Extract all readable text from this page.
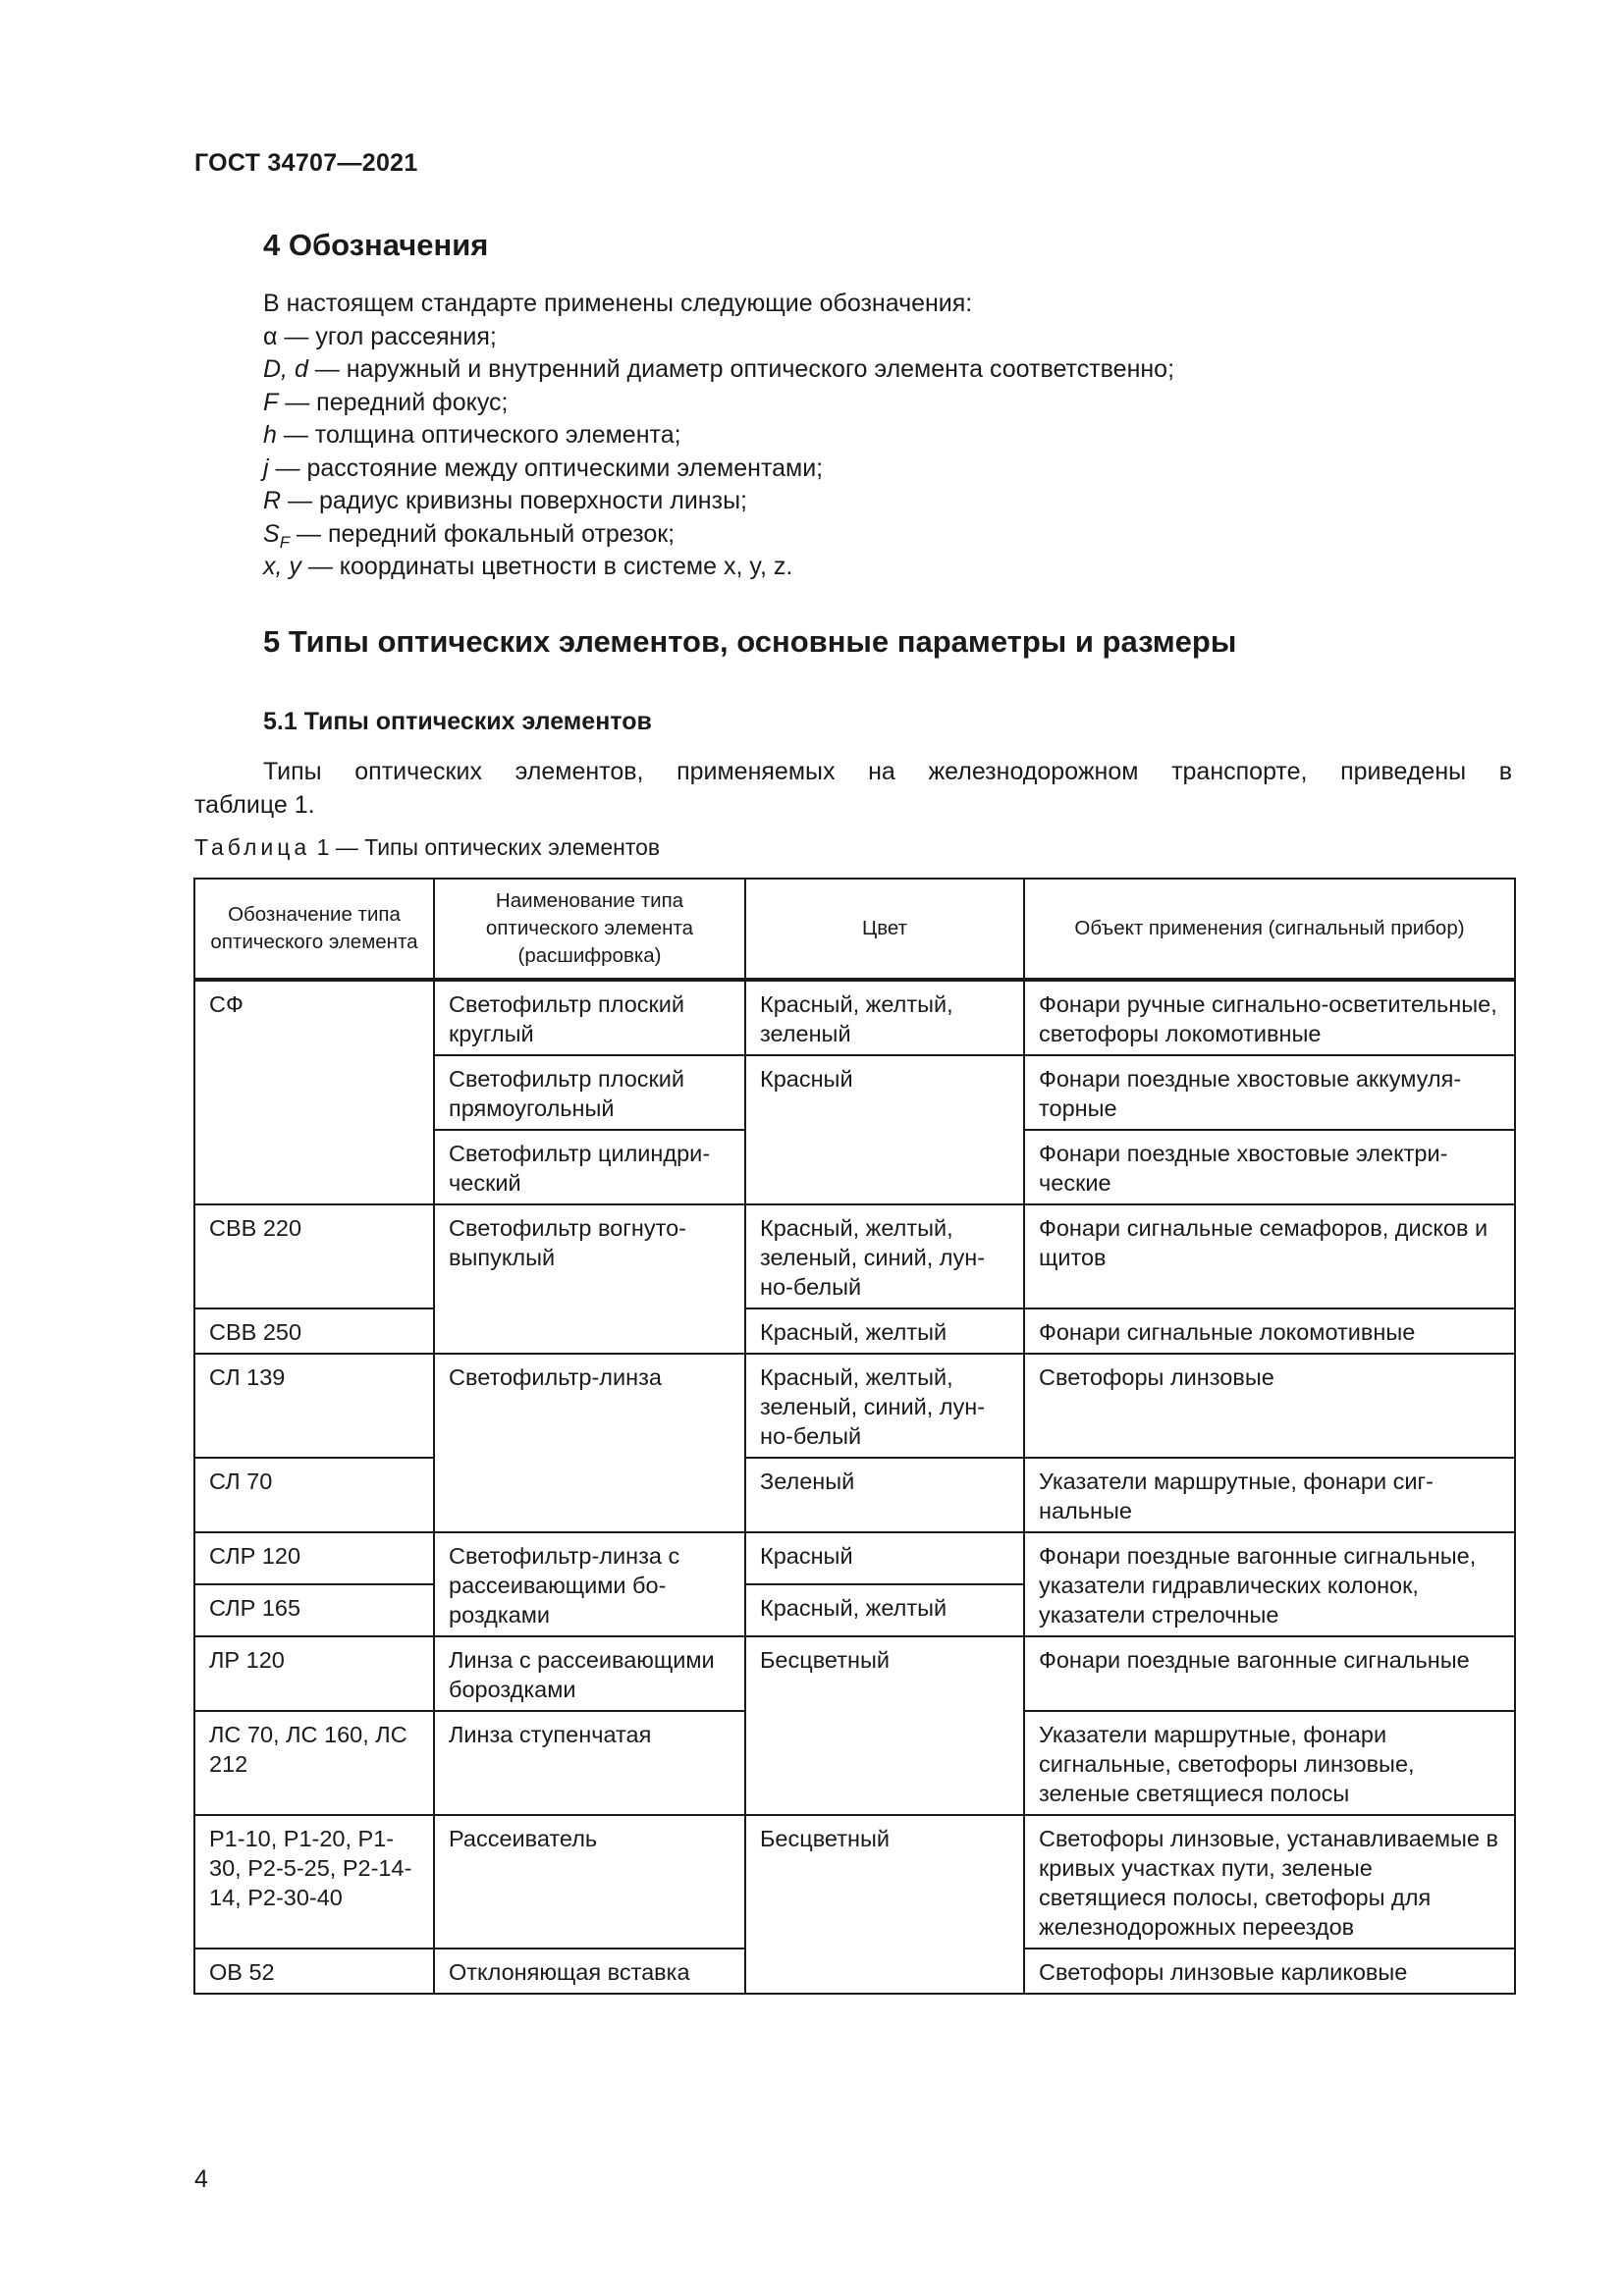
ГОСТ 34707—2021
4 Обозначения
В настоящем стандарте применены следующие обозначения:
α — угол рассеяния;
D, d — наружный и внутренний диаметр оптического элемента соответственно;
F — передний фокус;
h — толщина оптического элемента;
j — расстояние между оптическими элементами;
R — радиус кривизны поверхности линзы;
$S_F$ — передний фокальный отрезок;
x, y — координаты цветности в системе x, y, z.
5 Типы оптических элементов, основные параметры и размеры
5.1 Типы оптических элементов
Типы оптических элементов, применяемых на железнодорожном транспорте, приведены в
таблице 1.
Таблица 1 — Типы оптических элементов
Обозначение типа оптического элемента	Наименование типа оптического элемента (расшифровка)	Цвет	Объект применения (сигнальный прибор)
СФ	Светофильтр плоский круглый	Красный, желтый, зеленый	Фонари ручные сигнально-осветительные, светофоры локомотивные
	Светофильтр плоский прямоугольный	Красный	Фонари поездные хвостовые аккумуляторные
	Светофильтр цилиндрический		Фонари поездные хвостовые электрические
СВВ 220	Светофильтр вогнуто-выпуклый	Красный, желтый, зеленый, синий, лунно-белый	Фонари сигнальные семафоров, дисков и щитов
СВВ 250		Красный, желтый	Фонари сигнальные локомотивные
СЛ 139	Светофильтр-линза	Красный, желтый, зеленый, синий, лунно-белый	Светофоры линзовые
СЛ 70		Зеленый	Указатели маршрутные, фонари сигнальные
СЛР 120	Светофильтр-линза с рассеивающими бороздками	Красный	Фонари поездные вагонные сигнальные, указатели гидравлических колонок, указатели стрелочные
СЛР 165		Красный, желтый	
ЛР 120	Линза с рассеивающими бороздками	Бесцветный	Фонари поездные вагонные сигнальные
ЛС 70, ЛС 160, ЛС 212	Линза ступенчатая		Указатели маршрутные, фонари сигнальные, светофоры линзовые, зеленые светящиеся полосы
Р1-10, Р1-20, Р1-30, Р2-5-25, Р2-14-14, Р2-30-40	Рассеиватель	Бесцветный	Светофоры линзовые, устанавливаемые в кривых участках пути, зеленые светящиеся полосы, светофоры для железнодорожных переездов
ОВ 52	Отклоняющая вставка		Светофоры линзовые карликовые
4
